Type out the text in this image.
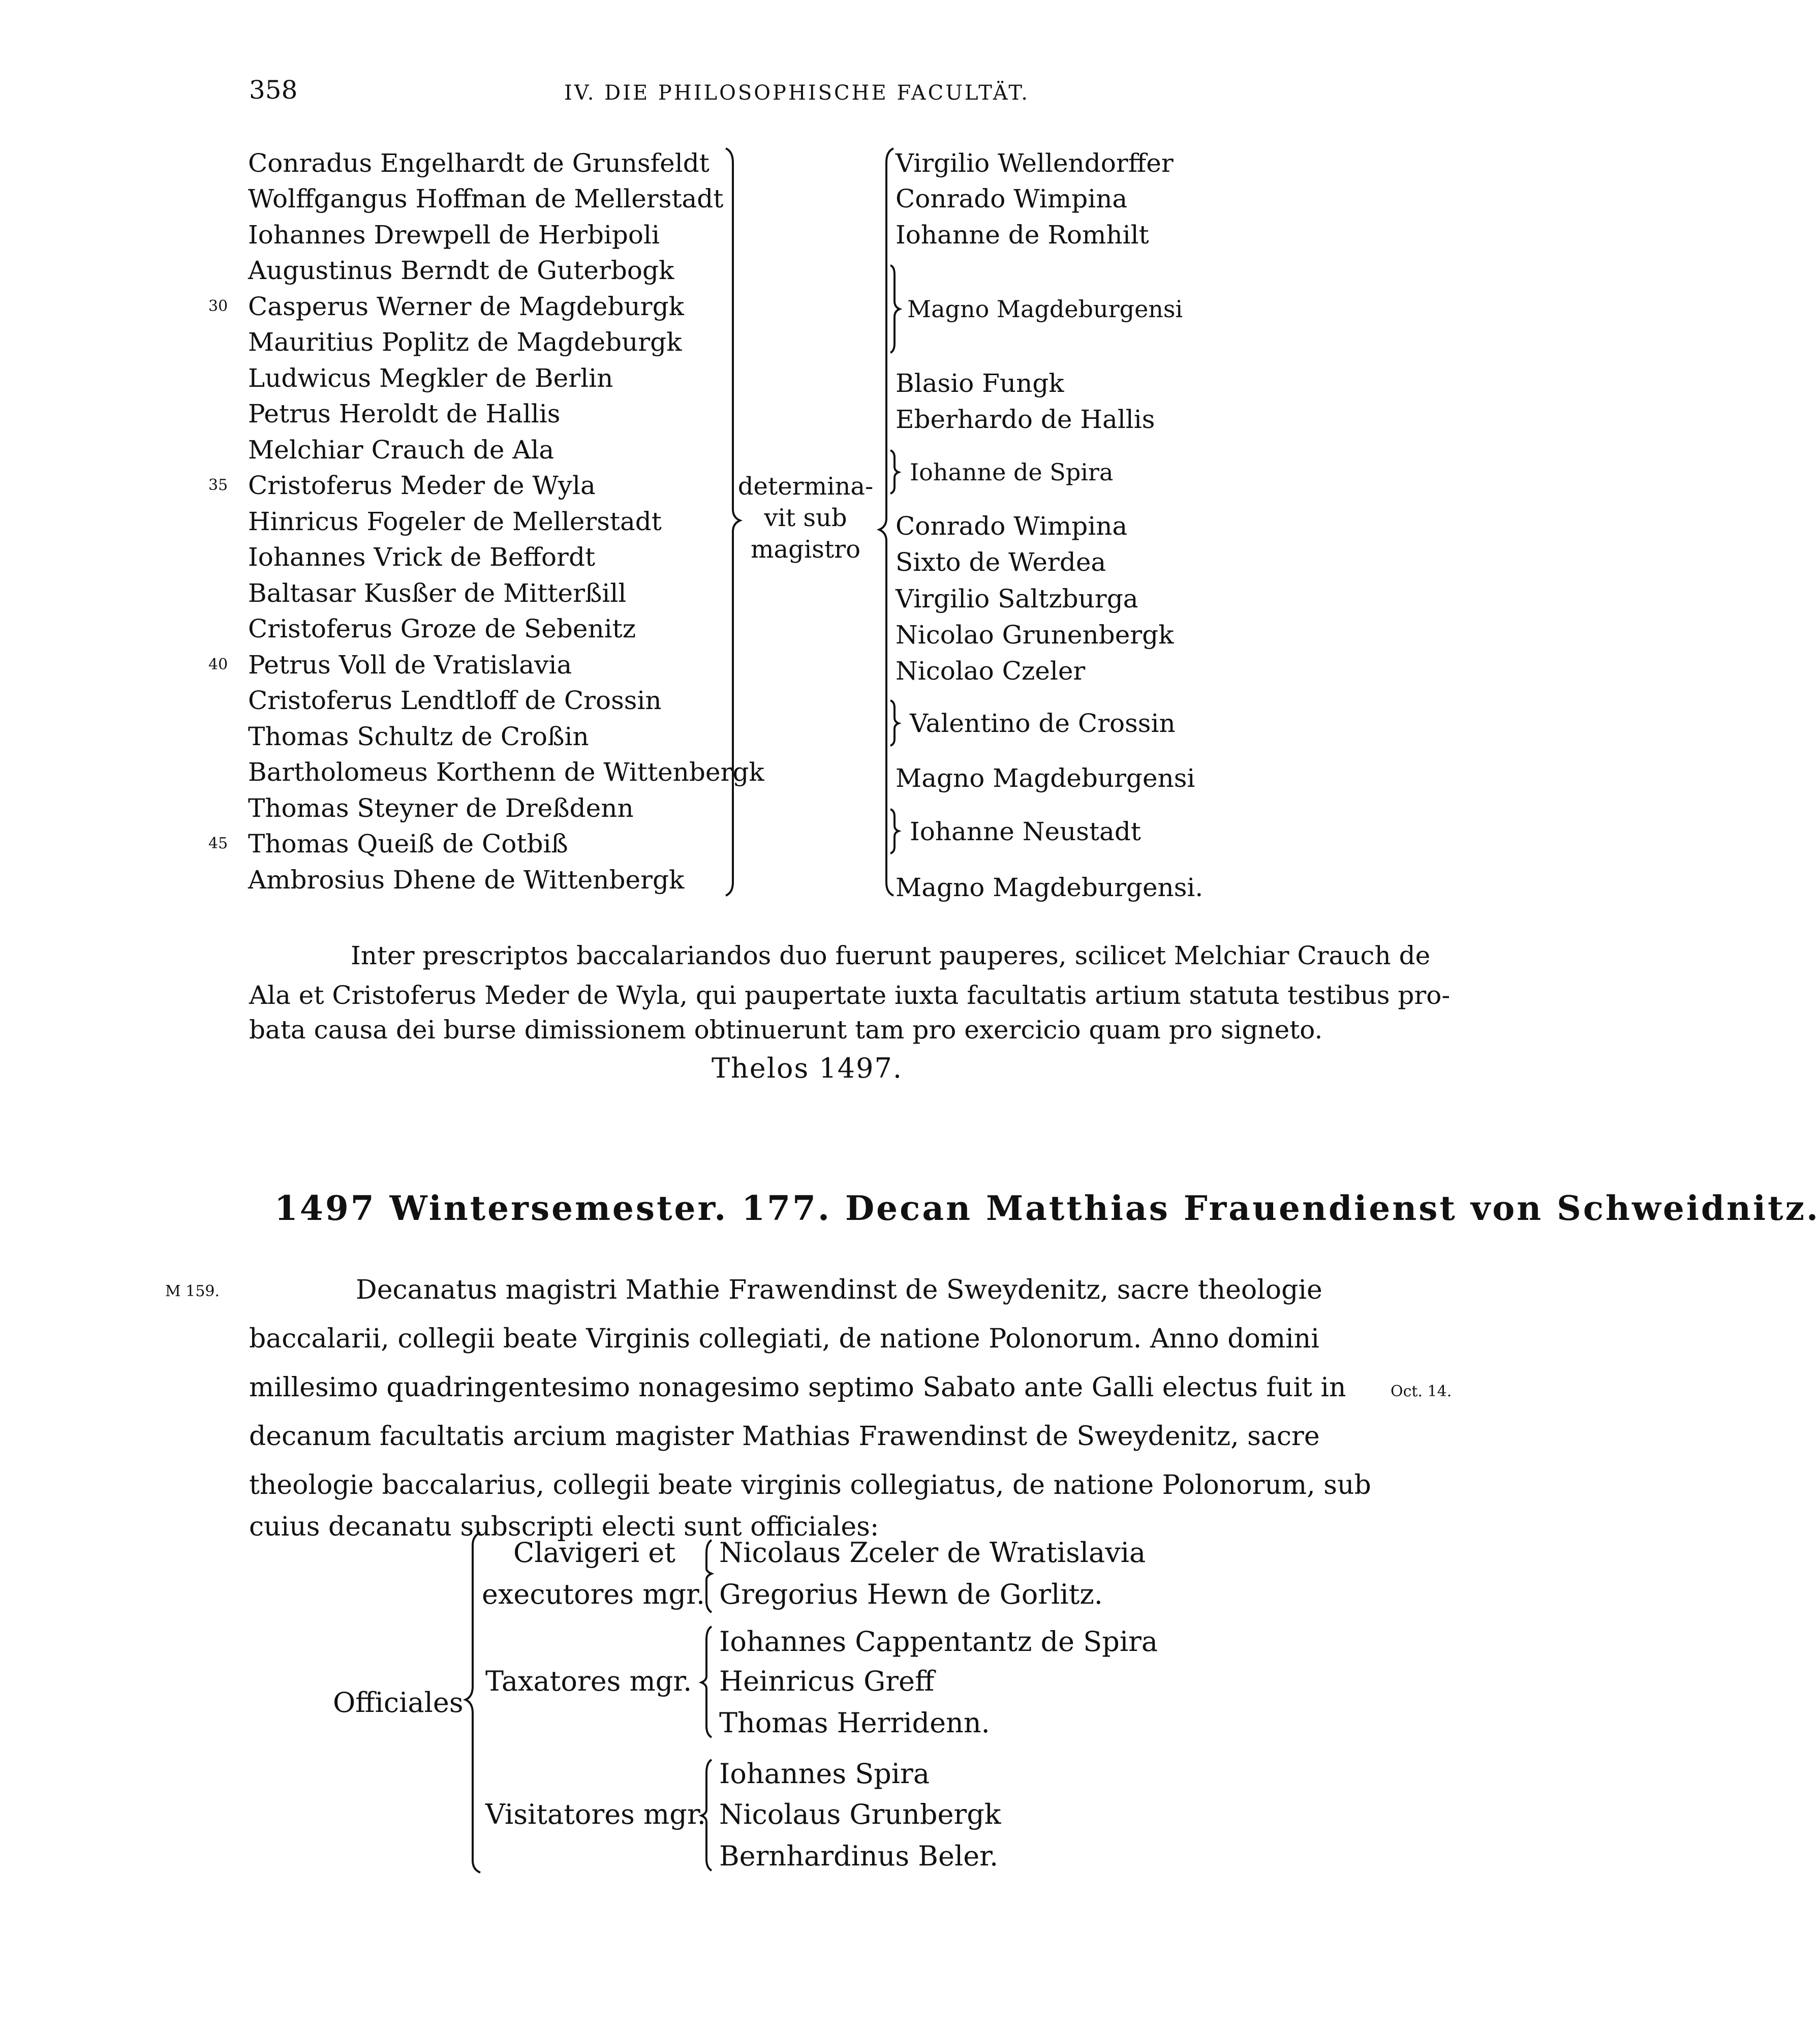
358	IV. DIE PHILOSOPHISCHE FACULTÄT.
Conradus Engelhardt de Grunsfeldt
Wolffgangus Hoffman de Mellerstadt
Iohannes Drewpell de Herbipoli
Augustinus Berndt de Guterbogk
30 Casperus Werner de Magdeburgk
Mauritius Poplitz de Magdeburgk
Ludwicus Megkler de Berlin
Petrus Heroldt de Hallis
Melchiar Crauch de Ala
35 Cristoferus Meder de Wyla
Hinricus Fogeler de Mellerstadt
Iohannes Vrick de Beffordt
Baltasar Kusßer de Mitterßill
Cristoferus Groze de Sebenitz
40 Petrus Voll de Vratislavia
Cristoferus Lendtloff de Crossin
Thomas Schultz de Croßin
Bartholomeus Korthenn de Wittenbergk
Thomas Steyner de Dreßdenn
45 Thomas Queiß de Cotbiß
Ambrosius Dhene de Wittenbergk
determina-
vit sub
magistro
Virgilio Wellendorffer
Conrado Wimpina
Iohanne de Romhilt
Magno Magdeburgensi
Blasio Fungk
Eberhardo de Hallis
Iohanne de Spira
Conrado Wimpina
Sixto de Werdea
Virgilio Saltzburga
Nicolao Grunenbergk
Nicolao Czeler
Valentino de Crossin
Magno Magdeburgensi
Iohanne Neustadt
Magno Magdeburgensi.
Inter prescriptos baccalariandos duo fuerunt pauperes, scilicet Melchiar Crauch de
Ala et Cristoferus Meder de Wyla, qui paupertate iuxta facultatis artium statuta testibus pro-
bata causa dei burse dimissionem obtinuerunt tam pro exercicio quam pro signeto.
Thelos 1497.
1497 Wintersemester. 177. Decan Matthias Frauendienst von Schweidnitz.
M 159.
Oct. 14.
Decanatus magistri Mathie Frawendinst de Sweydenitz, sacre theologie
baccalarii, collegii beate Virginis collegiati, de natione Polonorum. Anno domini
millesimo quadringentesimo nonagesimo septimo Sabato ante Galli electus fuit in
decanum facultatis arcium magister Mathias Frawendinst de Sweydenitz, sacre
theologie baccalarius, collegii beate virginis collegiatus, de natione Polonorum, sub
cuius decanatu subscripti electi sunt officiales:
Officiales
Clavigeri et
executores mgr.
Taxatores mgr.
Visitatores mgr.
Nicolaus Zceler de Wratislavia
Gregorius Hewn de Gorlitz.
Iohannes Cappentantz de Spira
Heinricus Greff
Thomas Herridenn.
Iohannes Spira
Nicolaus Grunbergk
Bernhardinus Beler.
